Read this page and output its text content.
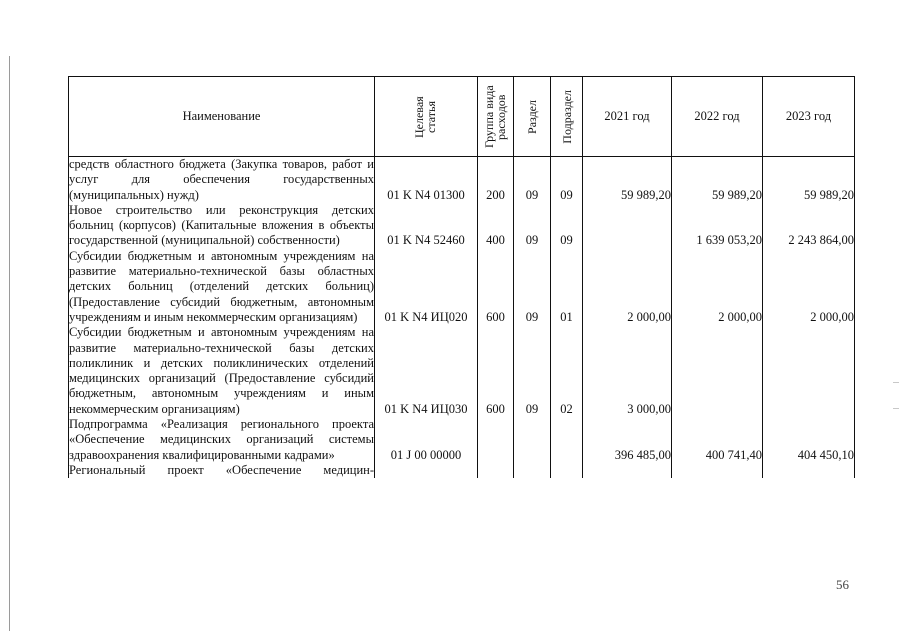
Наименование	Целевая статья	Группа вида расходов	Раздел	Подраздел	2021 год	2022 год	2023 год
средств областного бюджета (Закупка товаров, работ и услуг для обеспечения государственных (муниципальных) нужд)	01 K N4 01300	200	09	09	59 989,20	59 989,20	59 989,20
Новое строительство или реконструкция детских больниц (корпусов) (Капитальные вложения в объекты государственной (муниципальной) собственности)	01 K N4 52460	400	09	09		1 639 053,20	2 243 864,00
Субсидии бюджетным и автономным учреждениям на развитие материально-технической базы областных детских больниц (отделений детских больниц) (Предоставление субсидий бюджетным, автономным учреждениям и иным некоммерческим организациям)	01 K N4 ИЦ020	600	09	01	2 000,00	2 000,00	2 000,00
Субсидии бюджетным и автономным учреждениям на развитие материально-технической базы детских поликлиник и детских поликлинических отделений медицинских организаций (Предоставление субсидий бюджетным, автономным учреждениям и иным некоммерческим организациям)	01 K N4 ИЦ030	600	09	02	3 000,00		
Подпрограмма «Реализация регионального проекта «Обеспечение медицинских организаций системы здравоохранения квалифицированными кадрами»	01 J 00 00000				396 485,00	400 741,40	404 450,10
Региональный проект «Обеспечение медицин-							
56
